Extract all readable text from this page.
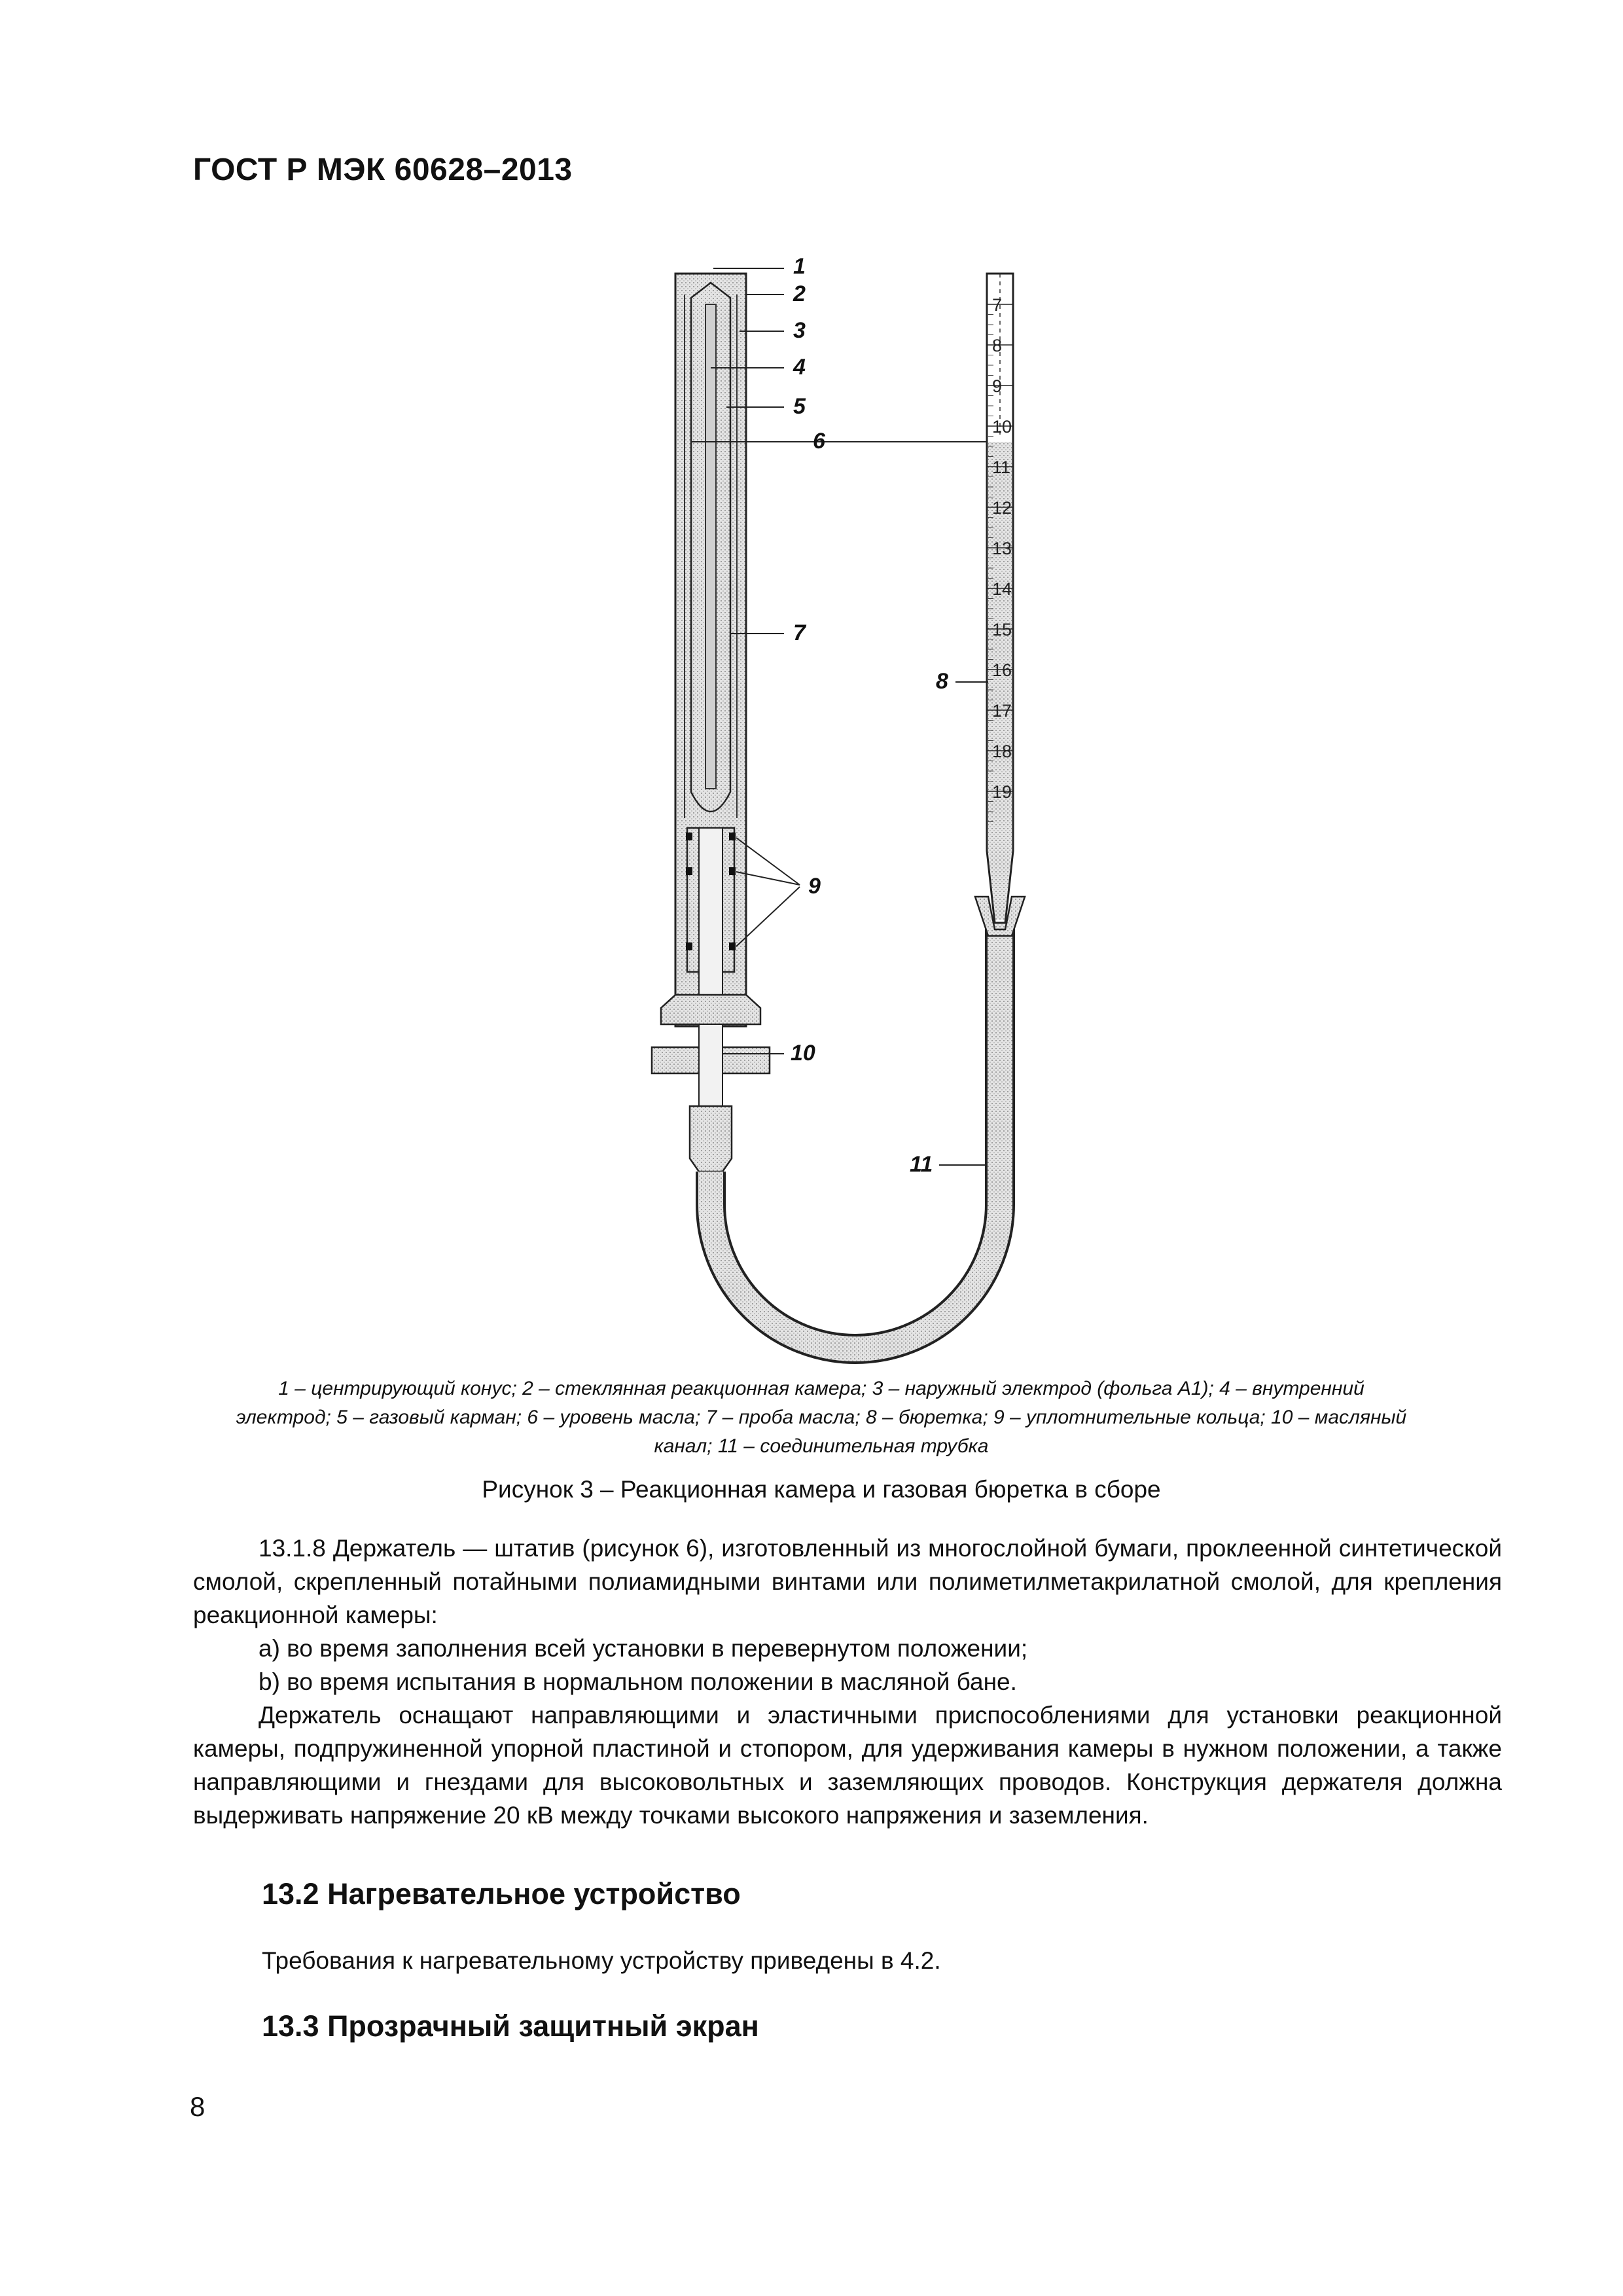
ГОСТ Р МЭК 60628–2013
7
8
9
10
11
12
13
14
15
16
17
18
19
1
2
3
4
5
6
7
8
9
10
11
1 – центрирующий конус; 2 – стеклянная реакционная камера; 3 – наружный электрод (фольга А1); 4 – внутренний
электрод; 5 – газовый карман; 6 – уровень масла; 7 – проба масла; 8 – бюретка; 9 – уплотнительные кольца; 10 – масляный
канал; 11 – соединительная трубка
Рисунок 3 – Реакционная камера и газовая бюретка в сборе

13.1.8 Держатель — штатив (рисунок 6), изготовленный из многослойной бумаги, проклеенной синтетической смолой, скрепленный потайными полиамидными винтами или полиметилметакрилатной смолой, для крепления реакционной камеры:

а) во время заполнения всей установки в перевернутом положении;

b) во время испытания в нормальном положении в масляной бане.

Держатель оснащают направляющими и эластичными приспособлениями для установки реакционной камеры, подпружиненной упорной пластиной и стопором, для удерживания камеры в нужном положении, а также направляющими и гнездами для высоковольтных и заземляющих проводов. Конструкция держателя должна выдерживать напряжение 20 кВ между точками высокого напряжения и заземления.

13.2 Нагревательное устройство
Требования к нагревательному устройству приведены в 4.2.
13.3 Прозрачный защитный экран
8
